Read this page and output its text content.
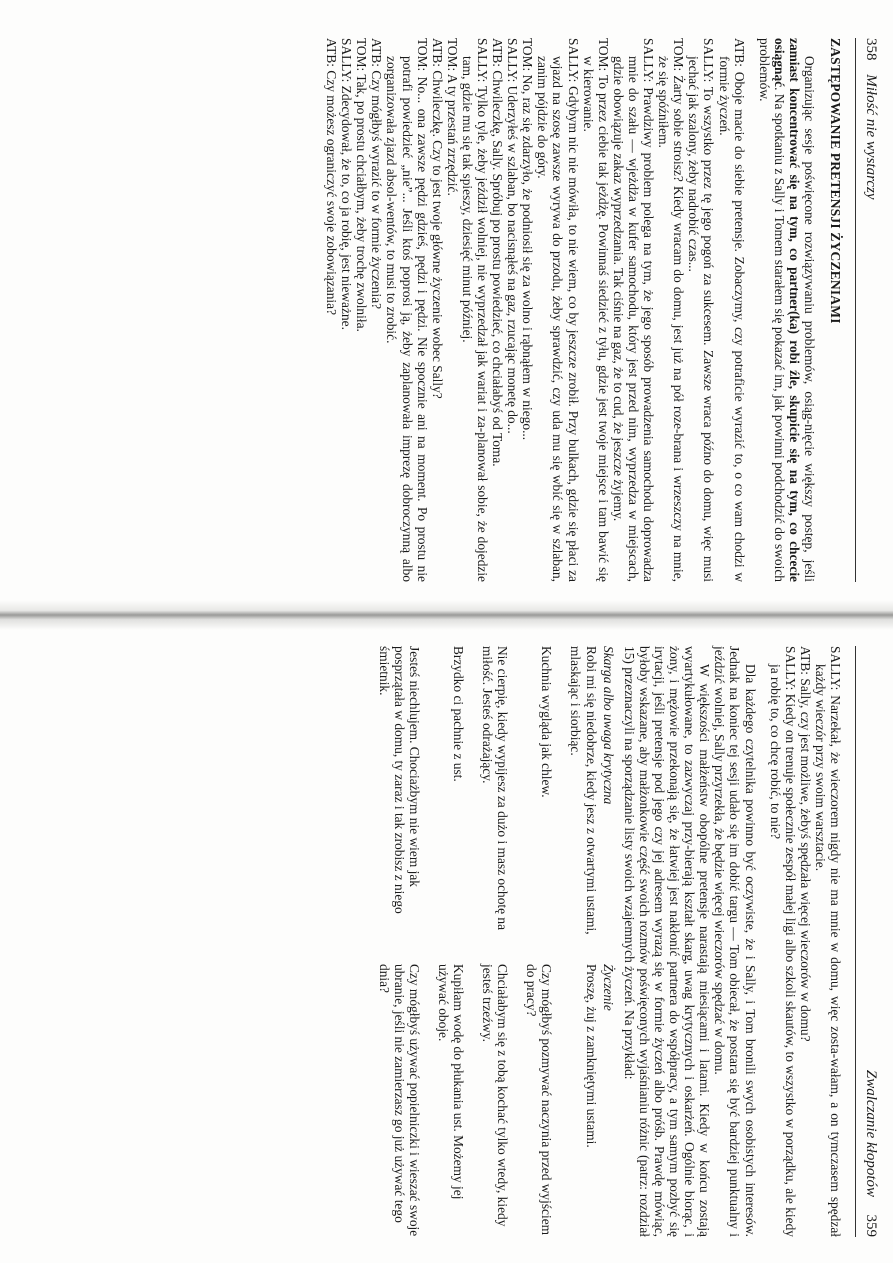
358 Miłość nie wystarczy
ZASTĘPOWANIE PRETENSJI ŻYCZENIAMI

Organizując sesje poświęcone rozwiązywaniu problemów, osiąg-nięcie większy postęp, jeśli zamiast koncentrować się na tym, co partner(ka) robi źle, skupicie się na tym, co chcecie osiągnąć. Na spotkaniu z Sally i Tomem starałem się pokazać im, jak powinni podchodzić do swoich problemów.

ATB: Oboje macie do siebie pretensje. Zobaczymy, czy potraficie wyrazić to, o co wam chodzi w formie życzeń.

SALLY: To wszystko przez tę jego pogoń za sukcesem. Zawsze wraca późno do domu, więc musi jechać jak szalony, żeby nadrobić czas...

TOM: Żarty sobie stroisz? Kiedy wracam do domu, jest już na pół roze-brana i wrzeszczy na mnie, że się spóźniłem.

SALLY: Prawdziwy problem polega na tym, że jego sposób prowadzenia samochodu doprowadza mnie do szału — wjeżdża w kufer samochodu, który jest przed nim, wyprzedza w miejscach, gdzie obowiązuje zakaz wyprzedzania. Tak ciśnie na gaz, że to cud, że jeszcze żyjemy.

TOM: To przez ciebie tak jeżdżę. Powinnaś siedzieć z tyłu, gdzie jest twoje miejsce i tam bawić się w kierowanie.

SALLY: Gdybym nic nie mówiła, to nie wiem, co by jeszcze zrobił. Przy bulkach, gdzie się płaci za wjazd na szosę zawsze wyrywa do przodu, żeby sprawdzić, czy uda mu się wbić się w szlaban, zanim pójdzie do góry.

TOM: No, raz się zdarzyło, że podniosił się za wolno i rąbnąłem w niego...

SALLY: Uderzyłeś w szlaban, bo nacisnąłeś na gaz, rzucając monetę do...

ATB: Chwileczkę, Sally. Spróbuj po prostu powiedzieć, co chciałabyś od Toma.

SALLY: Tylko tyle, żeby jeździł wolniej, nie wyprzedzał jak wariat i za-planował sobie, że dojedzie tam, gdzie mu się tak spieszy, dziesięć minut później.

TOM: A ty przestań zrzędzić.

ATB: Chwileczkę. Czy to jest twoje główne życzenie wobec Sally?

TOM: No... ona zawsze pędzi gdzieś, pędzi i pędzi. Nie spocznie ani na moment. Po prostu nie potrafi powiedzieć „nie”... Jeśli ktoś poprosi ją, żeby zaplanowała imprezę dobroczynną albo zorganizowała zjazd absol-wentów, to musi to zrobić.

ATB: Czy mógłbyś wyrazić to w formie życzenia?

TOM: Tak, po prostu chciałbym, żeby trochę zwolniła.

SALLY: Zdecydował, że to, co ja robię, jest nieważne.

ATB: Czy możesz ograniczyć swoje zobowiązania?

Zwalczanie kłopotów
359

SALLY: Narzekał, że wieczorem nigdy nie ma mnie w domu, więc zosta-wałam, a on tymczasem spędzał każdy wieczór przy swoim warsztacie.

ATB: Sally, czy jest możliwe, żebyś spędzała więcej wieczorów w domu?

SALLY: Kiedy on trenuje społecznie zespół małej ligi albo szkoli skautów, to wszystko w porządku, ale kiedy ja robię to, co chcę robić, to nie?

Dla każdego czytelnika powinno być oczywiste, że i Sally, i Tom bronili swych osobistych interesów. Jednak na koniec tej sesji udało się im dobić targu — Tom obiecał, że postara się być bardziej punktualny i jeździć wolniej, Sally przyrzekła, że będzie więcej wieczorów spędzać w domu.

W większości małżeństw obopólne pretensje narastają miesiącami i latami. Kiedy w końcu zostają wyartykułowane, to zazwyczaj przy-bierają kształt skarg, uwag krytycznych i oskarżeń. Ogólnie biorąc, i żony, i mężowie przekonają się, że łatwiej jest nakłonić partnera do współpracy, a tym samym pozbyć się irytacji, jeśli pretensje pod jego czy jej adresem wyrazą się w formie życzeń albo próśb. Prawdę mówiąc, byłoby wskazane, aby małżonkowie część swoich rozmów poświęconych wyjaśnianiu różnic (patrz: rozdział 15) przeznaczyli na sporządzanie listy swoich wzajemnych życzeń. Na przykład:

Skarga albo uwaga krytyczna

Życzenie

Robi mi się niedobrze, kiedy jesz z otwartymi ustami, mlaskając i siorbiąc.

Proszę, żuj z zamkniętymi ustami.

Kuchnia wygląda jak chlew.

Czy mógłbyś pozmywać naczynia przed wyjściem do pracy?

Nie cierpię, kiedy wypijesz za dużo i masz ochotę na miłość. Jesteś odrażający.

Chciałabym się z tobą kochać tylko wtedy, kiedy jesteś trzeźwy.

Brzydko ci pachnie z ust.

Kupiłam wodę do płukania ust. Możemy jej używać oboje.

Jesteś niechlujem. Chociażbym nie wiem jak posprzątała w domu, ty zaraz i tak zrobisz z niego śmietnik.

Czy mógłbyś używać popielniczki i wieszać swoje ubranie, jeśli nie zamierzasz go już używać tego dnia?
